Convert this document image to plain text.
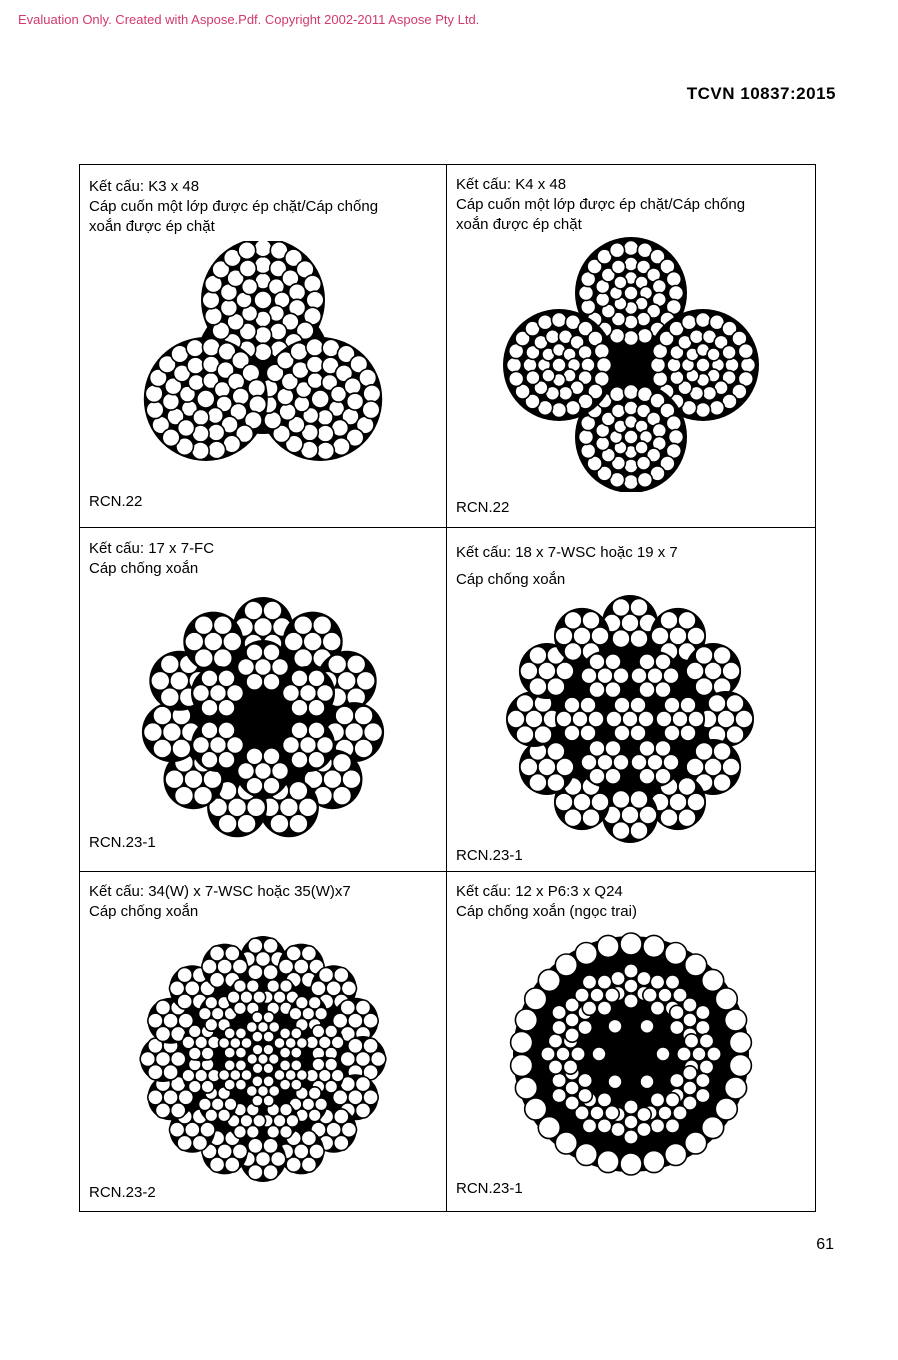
Evaluation Only. Created with Aspose.Pdf. Copyright 2002-2011 Aspose Pty Ltd.
TCVN 10837:2015
Kết cấu: K3 x 48
Cáp cuốn một lớp được ép chặt/Cáp chống
xoắn được ép chặt
RCN.22
Kết cấu: K4 x 48
Cáp cuốn một lớp được ép chặt/Cáp chống
xoắn được ép chặt
RCN.22
Kết cấu: 17 x 7-FC
Cáp chống xoắn
RCN.23-1
Kết cấu: 18 x 7-WSC hoặc 19 x 7
Cáp chống xoắn
RCN.23-1
Kết cấu: 34(W) x 7-WSC hoặc 35(W)x7
Cáp chống xoắn
RCN.23-2
Kết cấu: 12 x P6:3 x Q24
Cáp chống xoắn (ngọc trai)
RCN.23-1
61
